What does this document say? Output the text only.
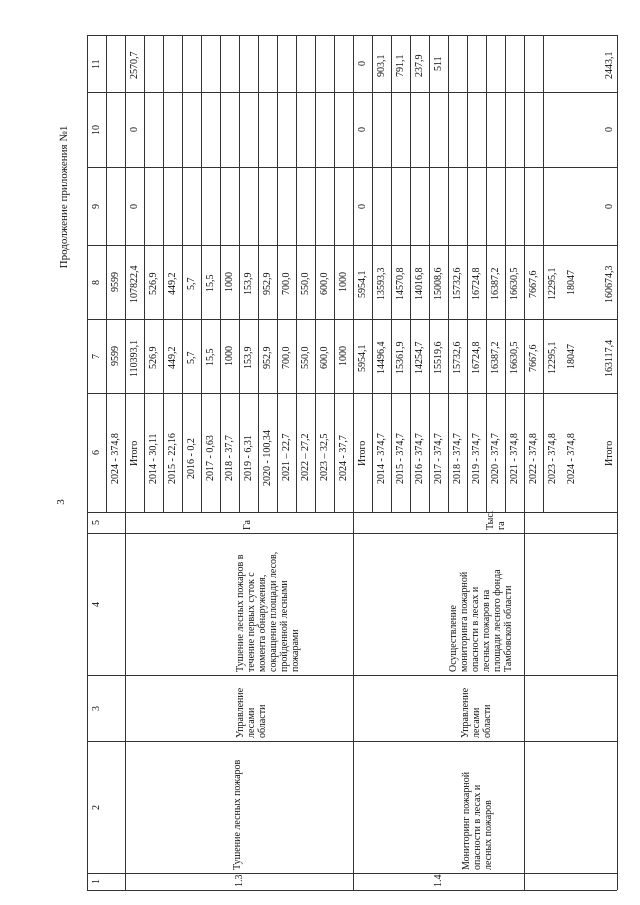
3
Продолжение приложения №1
1
2
3
4
5
6
7
8
9
10
11
2024 - 374,8
9599
9599
Итого
110393,1
107822,4
0
0
2570,7
2014 - 30,11
526,9
526,9
2015 - 22,16
449,2
449,2
2016 - 0,2
5,7
5,7
2017 - 0,63
15,5
15,5
2018 - 37,7
1000
1000
2019 - 6,31
153,9
153,9
2020 - 100,34
952,9
952,9
2021 – 22,7
700,0
700,0
2022 – 27,2
550,0
550,0
2023 – 32,5
600,0
600,0
2024 - 37,7
1000
1000
Итого
5954,1
5954,1
0
0
0
2014 - 374,7
14496,4
13593,3
2015 - 374,7
15361,9
14570,8
2016 - 374,7
14254,7
14016,8
2017 - 374,7
15519,6
15008,6
2018 - 374,7
15732,6
15732,6
2019 - 374,7
16724,8
16724,8
2020 - 374,7
16387,2
16387,2
2021 - 374,8
16630,5
16630,5
2022 - 374,8
7667,6
7667,6
2023 - 374,8
12295,1
12295,1
2024 - 374,8
18047
18047
903,1 791,1 237,9 511
Итого
163117,4
160674,3
0
0
2443,1
1.3
Тушение лесных пожаров
Управление лесами области
Тушение лесных пожаров в течение первых суток с момента обнаружения, сокращение площади лесов, пройденной лесными пожарами
Га
1.4
Мониторинг пожарной опасности в лесах и лесных пожаров
Управление лесами области
Осуществление мониторинга пожарной опасности в лесах и лесных пожаров на площади лесного фонда Тамбовской области
Тыс. га
